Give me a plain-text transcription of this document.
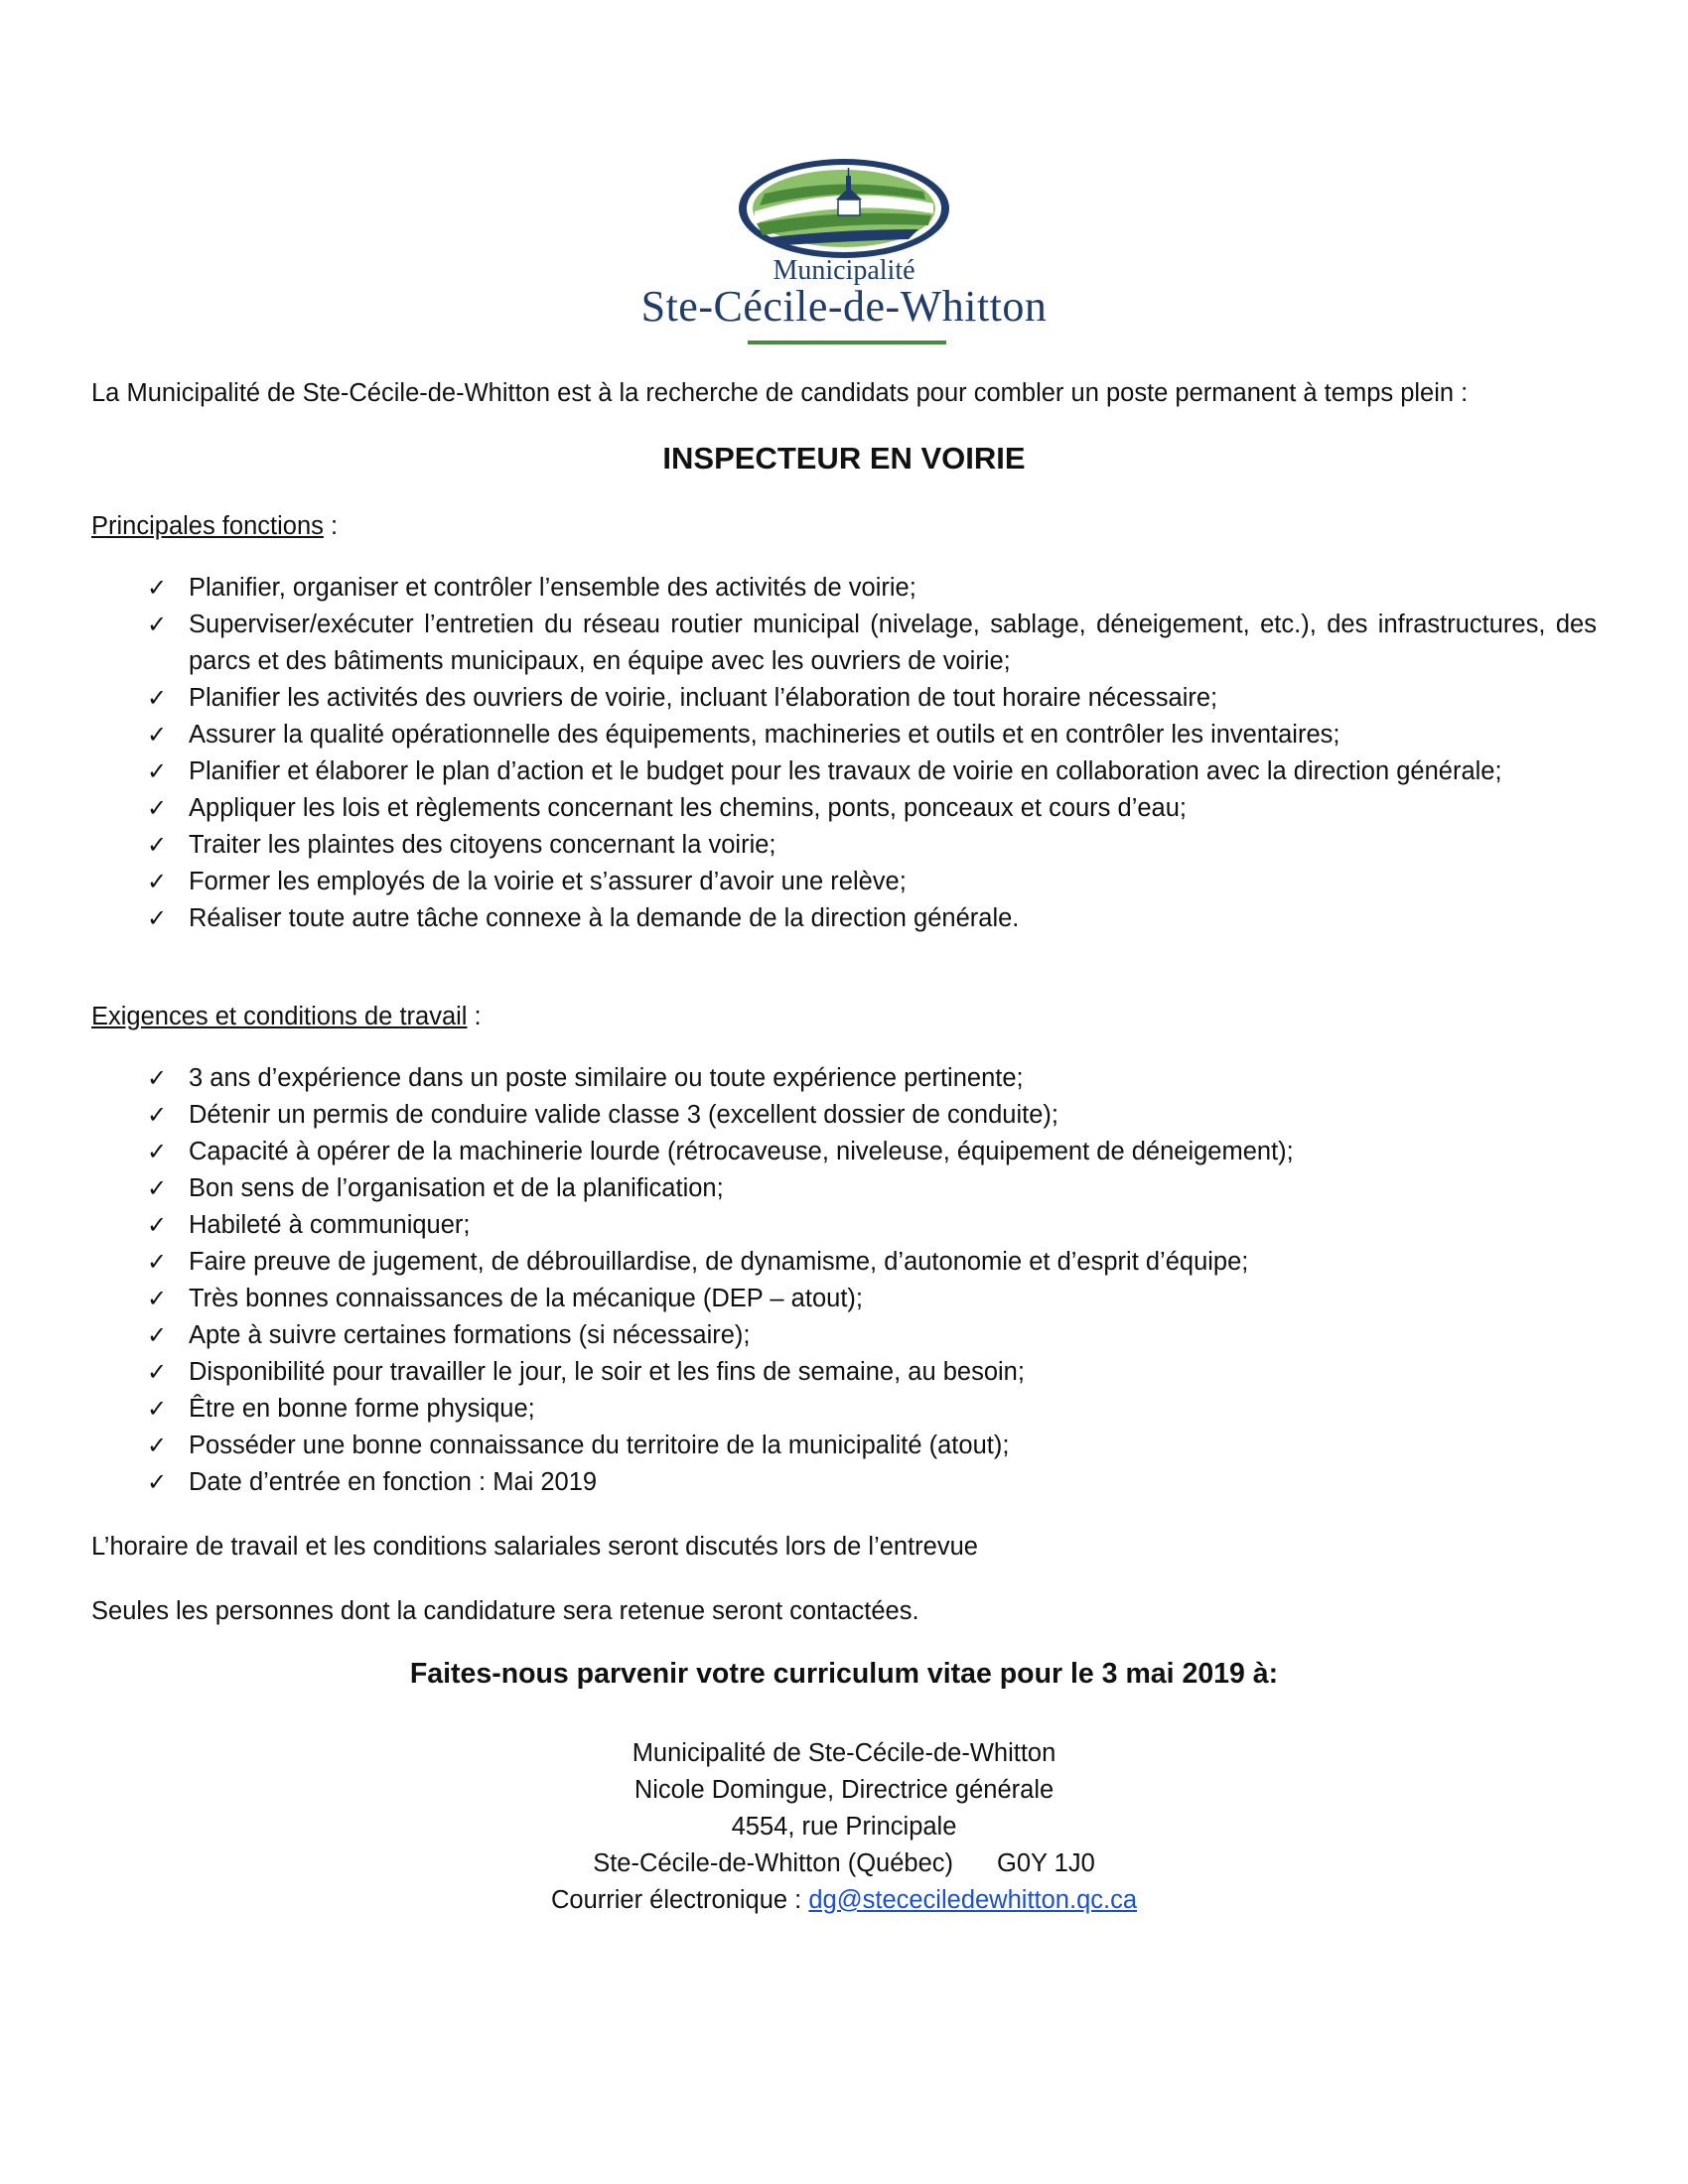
Municipalité
Ste-Cécile-de-Whitton
La Municipalité de Ste-Cécile-de-Whitton est à la recherche de candidats pour combler un poste permanent à temps plein :
INSPECTEUR EN VOIRIE
Principales fonctions :
✓ Planifier, organiser et contrôler l’ensemble des activités de voirie;
✓ Superviser/exécuter l’entretien du réseau routier municipal (nivelage, sablage, déneigement, etc.), des infrastructures, des parcs et des bâtiments municipaux, en équipe avec les ouvriers de voirie;
✓ Planifier les activités des ouvriers de voirie, incluant l’élaboration de tout horaire nécessaire;
✓ Assurer la qualité opérationnelle des équipements, machineries et outils et en contrôler les inventaires;
✓ Planifier et élaborer le plan d’action et le budget pour les travaux de voirie en collaboration avec la direction générale;
✓ Appliquer les lois et règlements concernant les chemins, ponts, ponceaux et cours d’eau;
✓ Traiter les plaintes des citoyens concernant la voirie;
✓ Former les employés de la voirie et s’assurer d’avoir une relève;
✓ Réaliser toute autre tâche connexe à la demande de la direction générale.
Exigences et conditions de travail :
✓ 3 ans d’expérience dans un poste similaire ou toute expérience pertinente;
✓ Détenir un permis de conduire valide classe 3 (excellent dossier de conduite);
✓ Capacité à opérer de la machinerie lourde (rétrocaveuse, niveleuse, équipement de déneigement);
✓ Bon sens de l’organisation et de la planification;
✓ Habileté à communiquer;
✓ Faire preuve de jugement, de débrouillardise, de dynamisme, d’autonomie et d’esprit d’équipe;
✓ Très bonnes connaissances de la mécanique (DEP – atout);
✓ Apte à suivre certaines formations (si nécessaire);
✓ Disponibilité pour travailler le jour, le soir et les fins de semaine, au besoin;
✓ Être en bonne forme physique;
✓ Posséder une bonne connaissance du territoire de la municipalité (atout);
✓ Date d’entrée en fonction : Mai 2019
L’horaire de travail et les conditions salariales seront discutés lors de l’entrevue
Seules les personnes dont la candidature sera retenue seront contactées.
Faites-nous parvenir votre curriculum vitae pour le 3 mai 2019 à:
Municipalité de Ste-Cécile-de-Whitton
Nicole Domingue, Directrice générale
4554, rue Principale
Ste-Cécile-de-Whitton (Québec) G0Y 1J0
Courrier électronique : dg@stececiledewhitton.qc.ca
